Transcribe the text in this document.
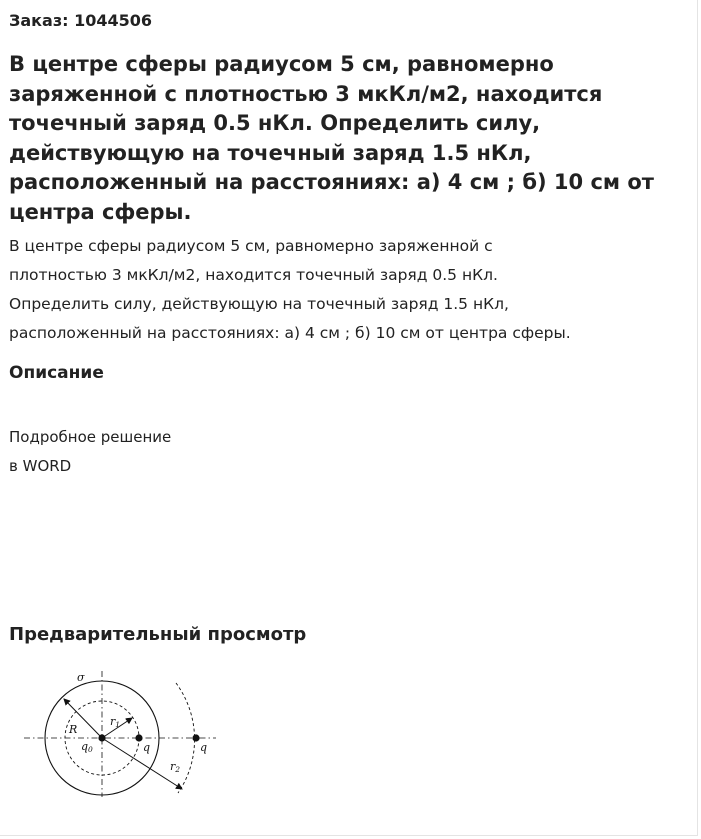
Заказ: 1044506
В центре сферы радиусом 5 см, равномерно заряженной с плотностью 3 мкКл/м2, находится точечный заряд 0.5 нКл. Определить силу, действующую на точечный заряд 1.5 нКл, расположенный на расстояниях: а) 4 см ; б) 10 см от центра сферы.
В центре сферы радиусом 5 см, равномерно заряженной с
плотностью 3 мкКл/м2, находится точечный заряд 0.5 нКл.
Определить силу, действующую на точечный заряд 1.5 нКл,
расположенный на расстояниях: а) 4 см ; б) 10 см от центра сферы.
Описание
Подробное решение
в WORD
Предварительный просмотр
σ
R
r1
r2
q0	q	q
